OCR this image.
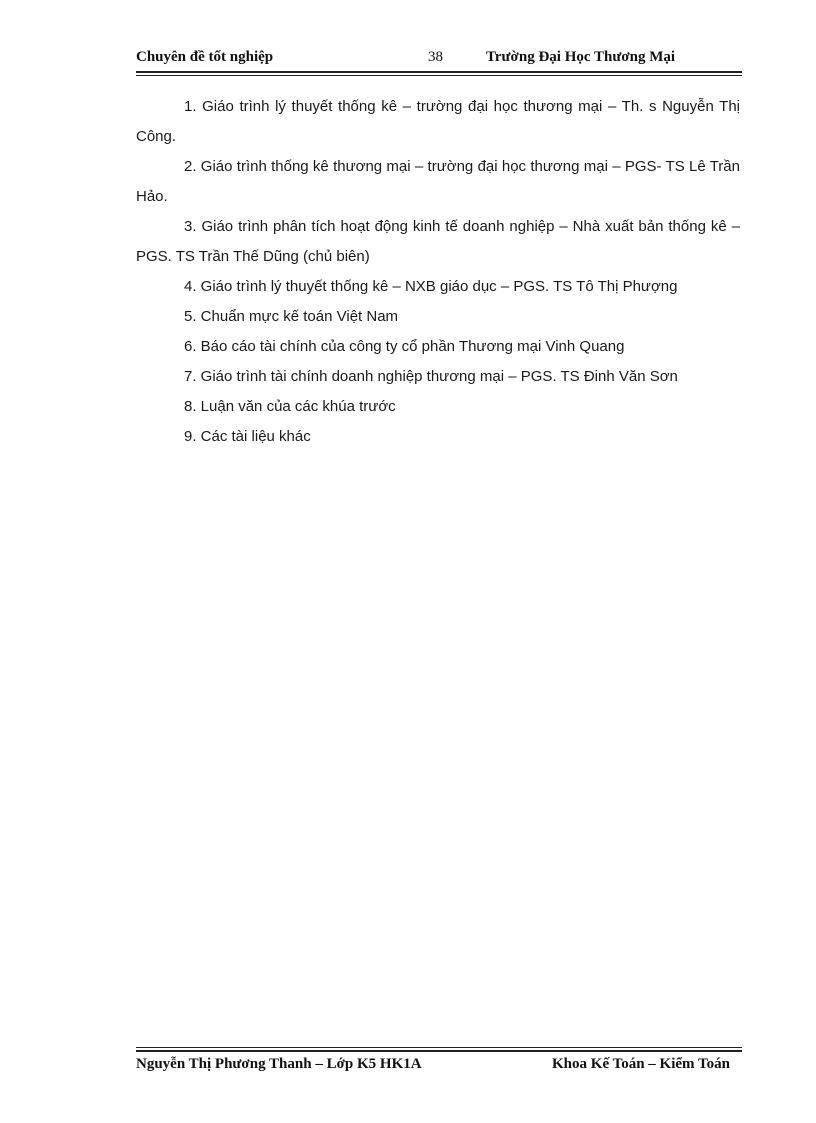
Chuyên đề tốt nghiệp	38	Trường Đại Học Thương Mại

1. Giáo trình lý thuyết thống kê – trường đại học thương mại – Th. s Nguyễn Thị Công.

2. Giáo trình thống kê thương mại – trường đại học thương mại – PGS- TS Lê Trần Hảo.

3. Giáo trình phân tích hoạt động kinh tế doanh nghiệp – Nhà xuất bản thống kê – PGS. TS Trần Thế Dũng (chủ biên)

4. Giáo trình lý thuyết thống kê – NXB giáo dục – PGS. TS Tô Thị Phượng

5. Chuẩn mực kế toán Việt Nam

6. Báo cáo tài chính của công ty cổ phần Thương mại Vinh Quang

7. Giáo trình tài chính doanh nghiệp thương mại – PGS. TS Đinh Văn Sơn

8. Luận văn của các khúa trước

9. Các tài liệu khác

Nguyễn Thị Phương Thanh – Lớp K5 HK1A	Khoa Kế Toán – Kiểm Toán
